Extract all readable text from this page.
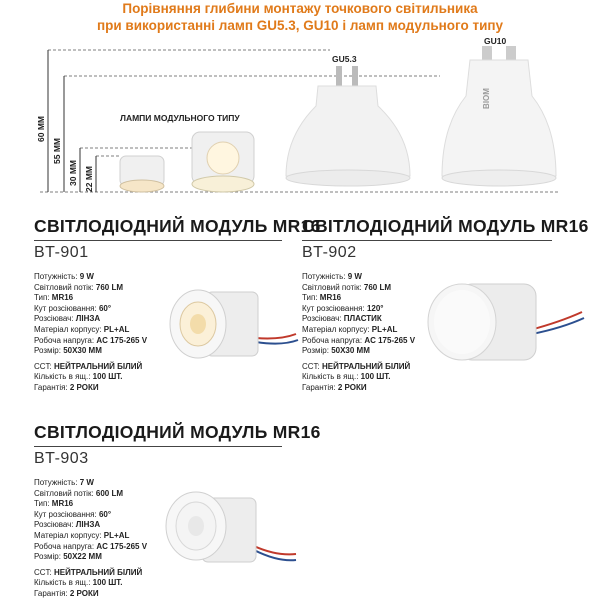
Порівняння глибини монтажу точкового світильника
при використанні ламп GU5.3, GU10 і ламп модульного типу
60 ММ
55 ММ
30 ММ 22 ММ
GU5.3
GU10
ЛАМПИ МОДУЛЬНОГО ТИПУ
BIOM
СВІТЛОДІОДНИЙ МОДУЛЬ MR16
BT-901
Потужність: 9 W
Світловий потік: 760 LM
Тип: MR16
Кут розсіювання: 60°
Розсіювач: ЛІНЗА
Матеріал корпусу: PL+AL
Робоча напруга: AC 175-265 V
Розмір: 50X30 MM
CCT: НЕЙТРАЛЬНИЙ БІЛИЙ
Кількість в ящ.: 100 ШТ.
Гарантія: 2 РОКИ
СВІТЛОДІОДНИЙ МОДУЛЬ MR16
BT-902
Потужність: 9 W
Світловий потік: 760 LM
Тип: MR16
Кут розсіювання: 120°
Розсіювач: ПЛАСТИК
Матеріал корпусу: PL+AL
Робоча напруга: AC 175-265 V
Розмір: 50X30 MM
CCT: НЕЙТРАЛЬНИЙ БІЛИЙ
Кількість в ящ.: 100 ШТ.
Гарантія: 2 РОКИ
СВІТЛОДІОДНИЙ МОДУЛЬ MR16
BT-903
Потужність: 7 W
Світловий потік: 600 LM
Тип: MR16
Кут розсіювання: 60°
Розсіювач: ЛІНЗА
Матеріал корпусу: PL+AL
Робоча напруга: AC 175-265 V
Розмір: 50X22 MM
CCT: НЕЙТРАЛЬНИЙ БІЛИЙ
Кількість в ящ.: 100 ШТ.
Гарантія: 2 РОКИ
